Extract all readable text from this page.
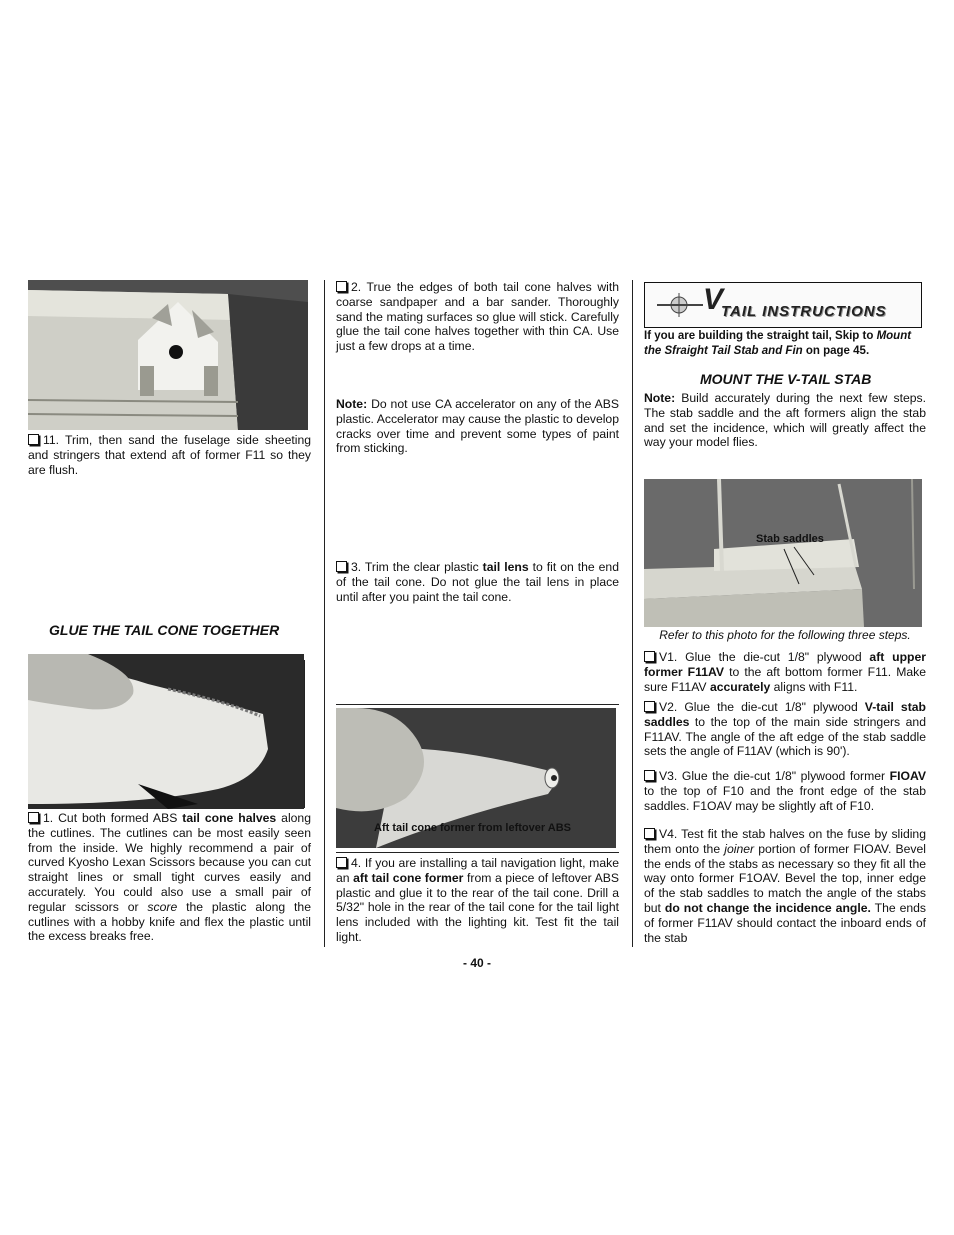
11. Trim, then sand the fuselage side sheeting and stringers that extend aft of former F11 so they are flush.
GLUE THE TAIL CONE TOGETHER
1. Cut both formed ABS tail cone halves along the cutlines. The cutlines can be most easily seen from the inside. We highly recommend a pair of curved Kyosho Lexan Scissors because you can cut straight lines or small tight curves easily and accurately. You could also use a small pair of regular scissors or score the plastic along the cutlines with a hobby knife and flex the plastic until the excess breaks free.
2. True the edges of both tail cone halves with coarse sandpaper and a bar sander. Thoroughly sand the mating surfaces so glue will stick. Carefully glue the tail cone halves together with thin CA. Use just a few drops at a time.
Note: Do not use CA accelerator on any of the ABS plastic. Accelerator may cause the plastic to develop cracks over time and prevent some types of paint from sticking.
3. Trim the clear plastic tail lens to fit on the end of the tail cone. Do not glue the tail lens in place until after you paint the tail cone.
Aft tail cone former from leftover ABS
4. If you are installing a tail navigation light, make an aft tail cone former from a piece of leftover ABS plastic and glue it to the rear of the tail cone. Drill a 5/32" hole in the rear of the tail cone for the tail light lens included with the lighting kit. Test fit the tail light.
V
TAIL INSTRUCTIONS
If you are building the straight tail, Skip to Mount the Sfraight Tail Stab and Fin on page 45.
MOUNT THE V-TAIL STAB
Note: Build accurately during the next few steps. The stab saddle and the aft formers align the stab and set the incidence, which will greatly affect the way your model flies.
Stab saddles
Refer to this photo for the following three steps.
V1. Glue the die-cut 1/8" plywood aft upper former F11AV to the aft bottom former F11. Make sure F11AV accurately aligns with F11.
V2. Glue the die-cut 1/8" plywood V-tail stab saddles to the top of the main side stringers and F11AV. The angle of the aft edge of the stab saddle sets the angle of F11AV (which is 90').
V3. Glue the die-cut 1/8" plywood former FIOAV to the top of F10 and the front edge of the stab saddles. F1OAV may be slightly aft of F10.
V4. Test fit the stab halves on the fuse by sliding them onto the joiner portion of former FIOAV. Bevel the ends of the stabs as necessary so they fit all the way onto former F1OAV. Bevel the top, inner edge of the stab saddles to match the angle of the stabs but do not change the incidence angle. The ends of former F11AV should contact the inboard ends of the stab
- 40 -
